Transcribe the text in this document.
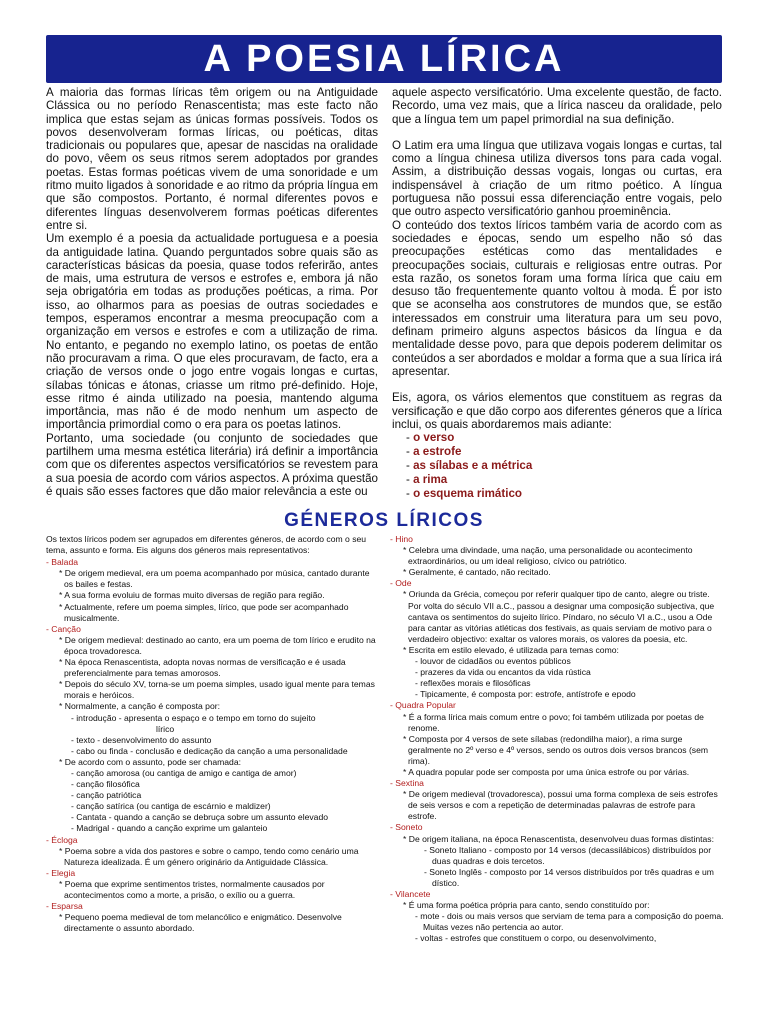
A POESIA LÍRICA

A maioria das formas líricas têm origem ou na Antiguidade Clássica ou no período Renascentista; mas este facto não implica que estas sejam as únicas formas possíveis. Todos os povos desenvolveram formas líricas, ou poéticas, ditas tradicionais ou populares que, apesar de nascidas na oralidade do povo, vêem os seus ritmos serem adoptados por grandes poetas. Estas formas poéticas vivem de uma sonoridade e um ritmo muito ligados à sonoridade e ao ritmo da própria língua em que são compostos. Portanto, é normal diferentes povos e diferentes línguas desenvolverem formas poéticas diferentes entre si.

Um exemplo é a poesia da actualidade portuguesa e a poesia da antiguidade latina. Quando perguntados sobre quais são as características básicas da poesia, quase todos referirão, antes de mais, uma estrutura de versos e estrofes e, embora já não seja obrigatória em todas as produções poéticas, a rima. Por isso, ao olharmos para as poesias de outras sociedades e tempos, esperamos encontrar a mesma preocupação com a organização em versos e estrofes e com a utilização de rima. No entanto, e pegando no exemplo latino, os poetas de então não procuravam a rima. O que eles procuravam, de facto, era a criação de versos onde o jogo entre vogais longas e curtas, sílabas tónicas e átonas, criasse um ritmo pré-definido. Hoje, esse ritmo é ainda utilizado na poesia, mantendo alguma importância, mas não é de modo nenhum um aspecto de importância primordial como o era para os poetas latinos.

Portanto, uma sociedade (ou conjunto de sociedades que partilhem uma mesma estética literária) irá definir a importância com que os diferentes aspectos versificatórios se revestem para a sua poesia de acordo com vários aspectos. A próxima questão é quais são esses factores que dão maior relevância a este ou

aquele aspecto versificatório. Uma excelente questão, de facto. Recordo, uma vez mais, que a lírica nasceu da oralidade, pelo que a língua tem um papel primordial na sua definição.

O Latim era uma língua que utilizava vogais longas e curtas, tal como a língua chinesa utiliza diversos tons para cada vogal. Assim, a distribuição dessas vogais, longas ou curtas, era indispensável à criação de um ritmo poético. A língua portuguesa não possui essa diferenciação entre vogais, pelo que outro aspecto versificatório ganhou proeminência.

O conteúdo dos textos líricos também varia de acordo com as sociedades e épocas, sendo um espelho não só das preocupações estéticas como das mentalidades e preocupações sociais, culturais e religiosas entre outras. Por esta razão, os sonetos foram uma forma lírica que caiu em desuso tão frequentemente quanto voltou à moda. É por isto que se aconselha aos construtores de mundos que, se estão interessados em construir uma literatura para um seu povo, definam primeiro alguns aspectos básicos da língua e da mentalidade desse povo, para que depois poderem delimitar os conteúdos a ser abordados e moldar a forma que a sua lírica irá apresentar.

Eis, agora, os vários elementos que constituem as regras da versificação e que dão corpo aos diferentes géneros que a lírica inclui, os quais abordaremos mais adiante:

- o verso
- a estrofe
- as sílabas e a métrica
- a rima
- o esquema rimático
GÉNEROS LÍRICOS
Os textos líricos podem ser agrupados em diferentes géneros, de acordo com o seu tema, assunto e forma. Eis alguns dos géneros mais representativos:
- Balada
* De origem medieval, era um poema acompanhado por música, cantado durante os bailes e festas.
* A sua forma evoluiu de formas muito diversas de região para região.
* Actualmente, refere um poema simples, lírico, que pode ser acompanhado musicalmente.
- Canção
* De origem medieval: destinado ao canto, era um poema de tom lírico e erudito na época trovadoresca.
* Na época Renascentista, adopta novas normas de versificação e é usada preferencialmente para temas amorosos.
* Depois do século XV, torna-se um poema simples, usado igual mente para temas morais e heróicos.
* Normalmente, a canção é composta por:
- introdução - apresenta o espaço e o tempo em torno do sujeito
lírico
- texto - desenvolvimento do assunto
- cabo ou finda - conclusão e dedicação da canção a uma personalidade
* De acordo com o assunto, pode ser chamada:
- canção amorosa (ou cantiga de amigo e cantiga de amor)
- canção filosófica
- canção patriótica
- canção satírica (ou cantiga de escárnio e maldizer)
- Cantata - quando a canção se debruça sobre um assunto elevado
- Madrigal - quando a canção exprime um galanteio
- Écloga
* Poema sobre a vida dos pastores e sobre o campo, tendo como cenário uma Natureza idealizada. É um género originário da Antiguidade Clássica.
- Elegia
* Poema que exprime sentimentos tristes, normalmente causados por acontecimentos como a morte, a prisão, o exílio ou a guerra.
- Esparsa
* Pequeno poema medieval de tom melancólico e enigmático. Desenvolve directamente o assunto abordado.
- Hino
* Celebra uma divindade, uma nação, uma personalidade ou acontecimento extraordinários, ou um ideal religioso, cívico ou patriótico.
* Geralmente, é cantado, não recitado.
- Ode
* Oriunda da Grécia, começou por referir qualquer tipo de canto, alegre ou triste. Por volta do século VII a.C., passou a designar uma composição subjectiva, que cantava os sentimentos do sujeito lírico. Píndaro, no século VI a.C., usou a Ode para cantar as vitórias atléticas dos festivais, as quais serviam de motivo para o verdadeiro objectivo: exaltar os valores morais, os valores da poesia, etc.
* Escrita em estilo elevado, é utilizada para temas como:
- louvor de cidadãos ou eventos públicos
- prazeres da vida ou encantos da vida rústica
- reflexões morais e filosóficas
- Tipicamente, é composta por: estrofe, antístrofe e epodo
- Quadra Popular
* É a forma lírica mais comum entre o povo; foi também utilizada por poetas de renome.
* Composta por 4 versos de sete sílabas (redondilha maior), a rima surge geralmente no 2º verso e 4º versos, sendo os outros dois versos brancos (sem rima).
* A quadra popular pode ser composta por uma única estrofe ou por várias.
- Sextina
* De origem medieval (trovadoresca), possui uma forma complexa de seis estrofes de seis versos e com a repetição de determinadas palavras de estrofe para estrofe.
- Soneto
* De origem italiana, na época Renascentista, desenvolveu duas formas distintas:
- Soneto Italiano - composto por 14 versos (decassilábicos) distribuídos por duas quadras e dois tercetos.
- Soneto Inglês - composto por 14 versos distribuídos por três quadras e um dístico.
- Vilancete
* É uma forma poética própria para canto, sendo constituído por:
- mote - dois ou mais versos que serviam de tema para a composição do poema. Muitas vezes não pertencia ao autor.
- voltas - estrofes que constituem o corpo, ou desenvolvimento,
